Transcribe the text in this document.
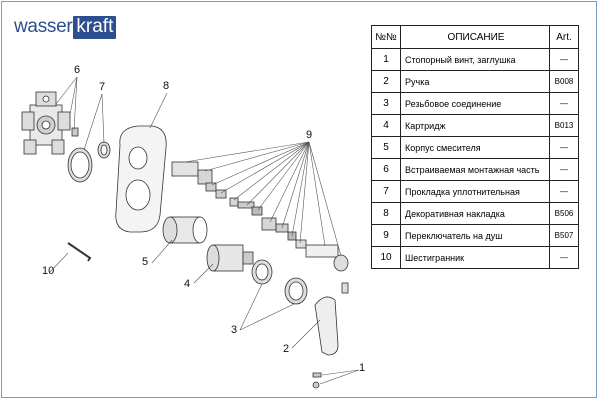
wasser kraft
6
7	8
9
10
5
4
3
2
1
№№	ОПИСАНИЕ	Art.
1	Стопорный винт, заглушка	—
2	Ручка	B008
3	Резьбовое соединение	—
4	Картридж	B013
5	Корпус смесителя	—
6	Встраиваемая монтажная часть	—
7	Прокладка уплотнительная	—
8	Декоративная накладка	B506
9	Переключатель на душ	B507
10	Шестигранник	—
